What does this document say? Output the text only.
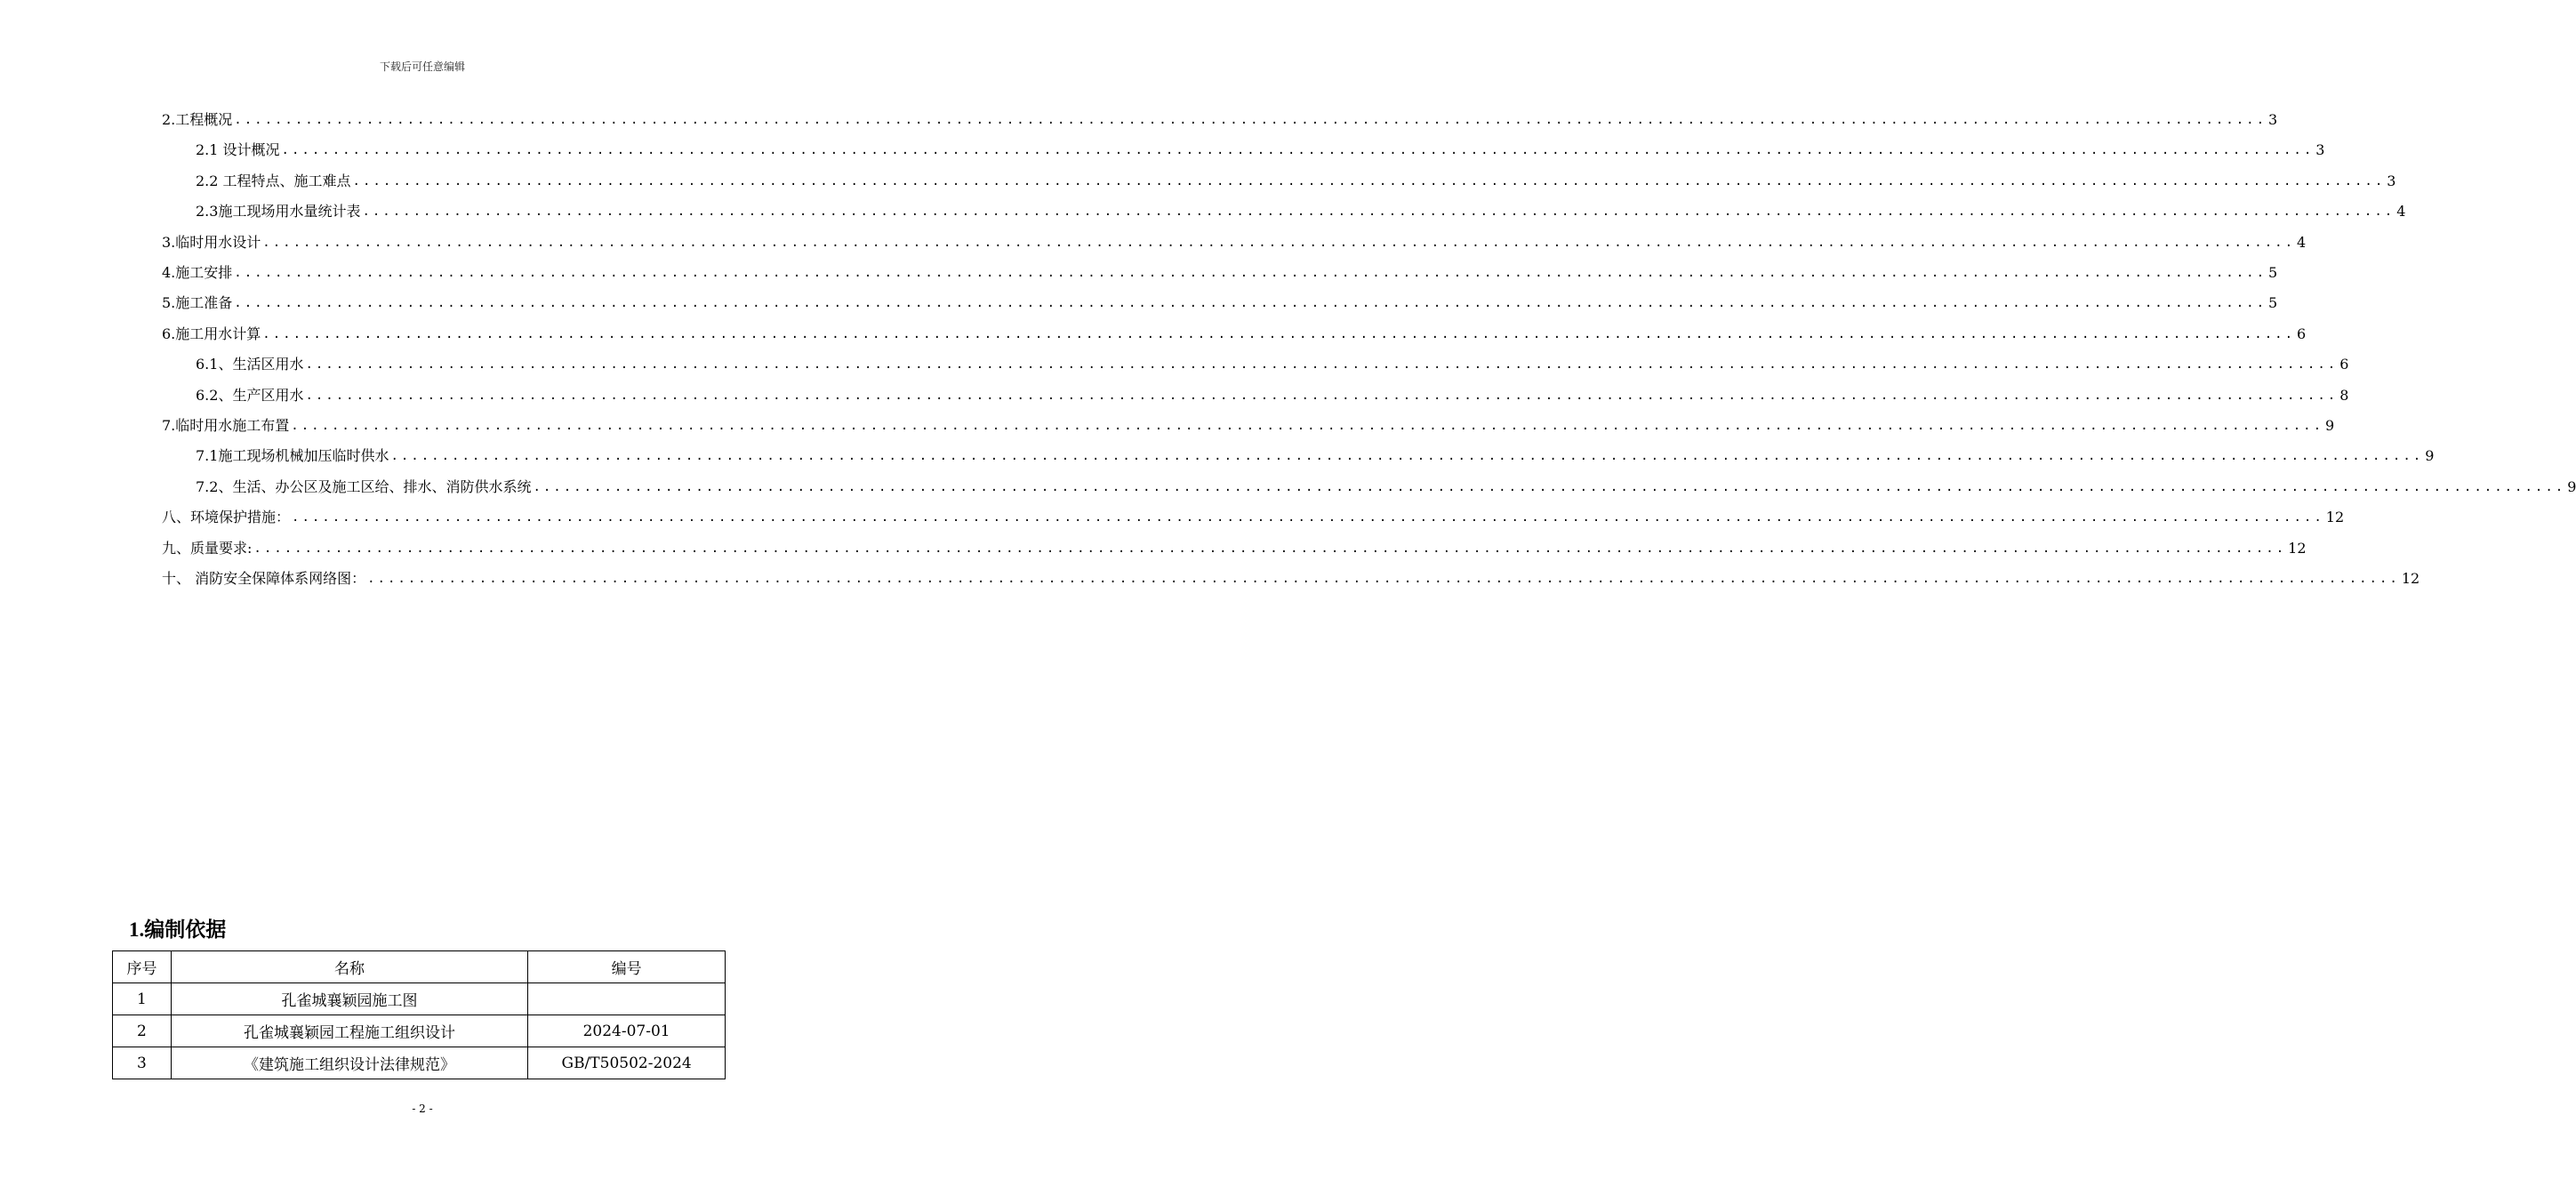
下载后可任意编辑
2.工程概况 ........................................................................................................................................................................................................ 3
2.1 设计概况 ........................................................................................................................................................................................................ 3
2.2 工程特点、施工难点 ........................................................................................................................................................................................................ 3
2.3施工现场用水量统计表 ........................................................................................................................................................................................................ 4
3.临时用水设计 ........................................................................................................................................................................................................ 4
4.施工安排 ........................................................................................................................................................................................................ 5
5.施工准备 ........................................................................................................................................................................................................ 5
6.施工用水计算 ........................................................................................................................................................................................................ 6
6.1、生活区用水 ........................................................................................................................................................................................................ 6
6.2、生产区用水 ........................................................................................................................................................................................................ 8
7.临时用水施工布置 ........................................................................................................................................................................................................ 9
7.1施工现场机械加压临时供水 ........................................................................................................................................................................................................ 9
7.2、生活、办公区及施工区给、排水、消防供水系统 ........................................................................................................................................................................................................ 9
八、环境保护措施： ........................................................................................................................................................................................................ 12
九、质量要求: ........................................................................................................................................................................................................ 12
十、 消防安全保障体系网络图： ........................................................................................................................................................................................................ 12
1.编制依据
序号	名称	编号
1	孔雀城襄颖园施工图	
2	孔雀城襄颖园工程施工组织设计	2024-07-01
3	《建筑施工组织设计法律规范》	GB/T50502-2024
- 2 -
